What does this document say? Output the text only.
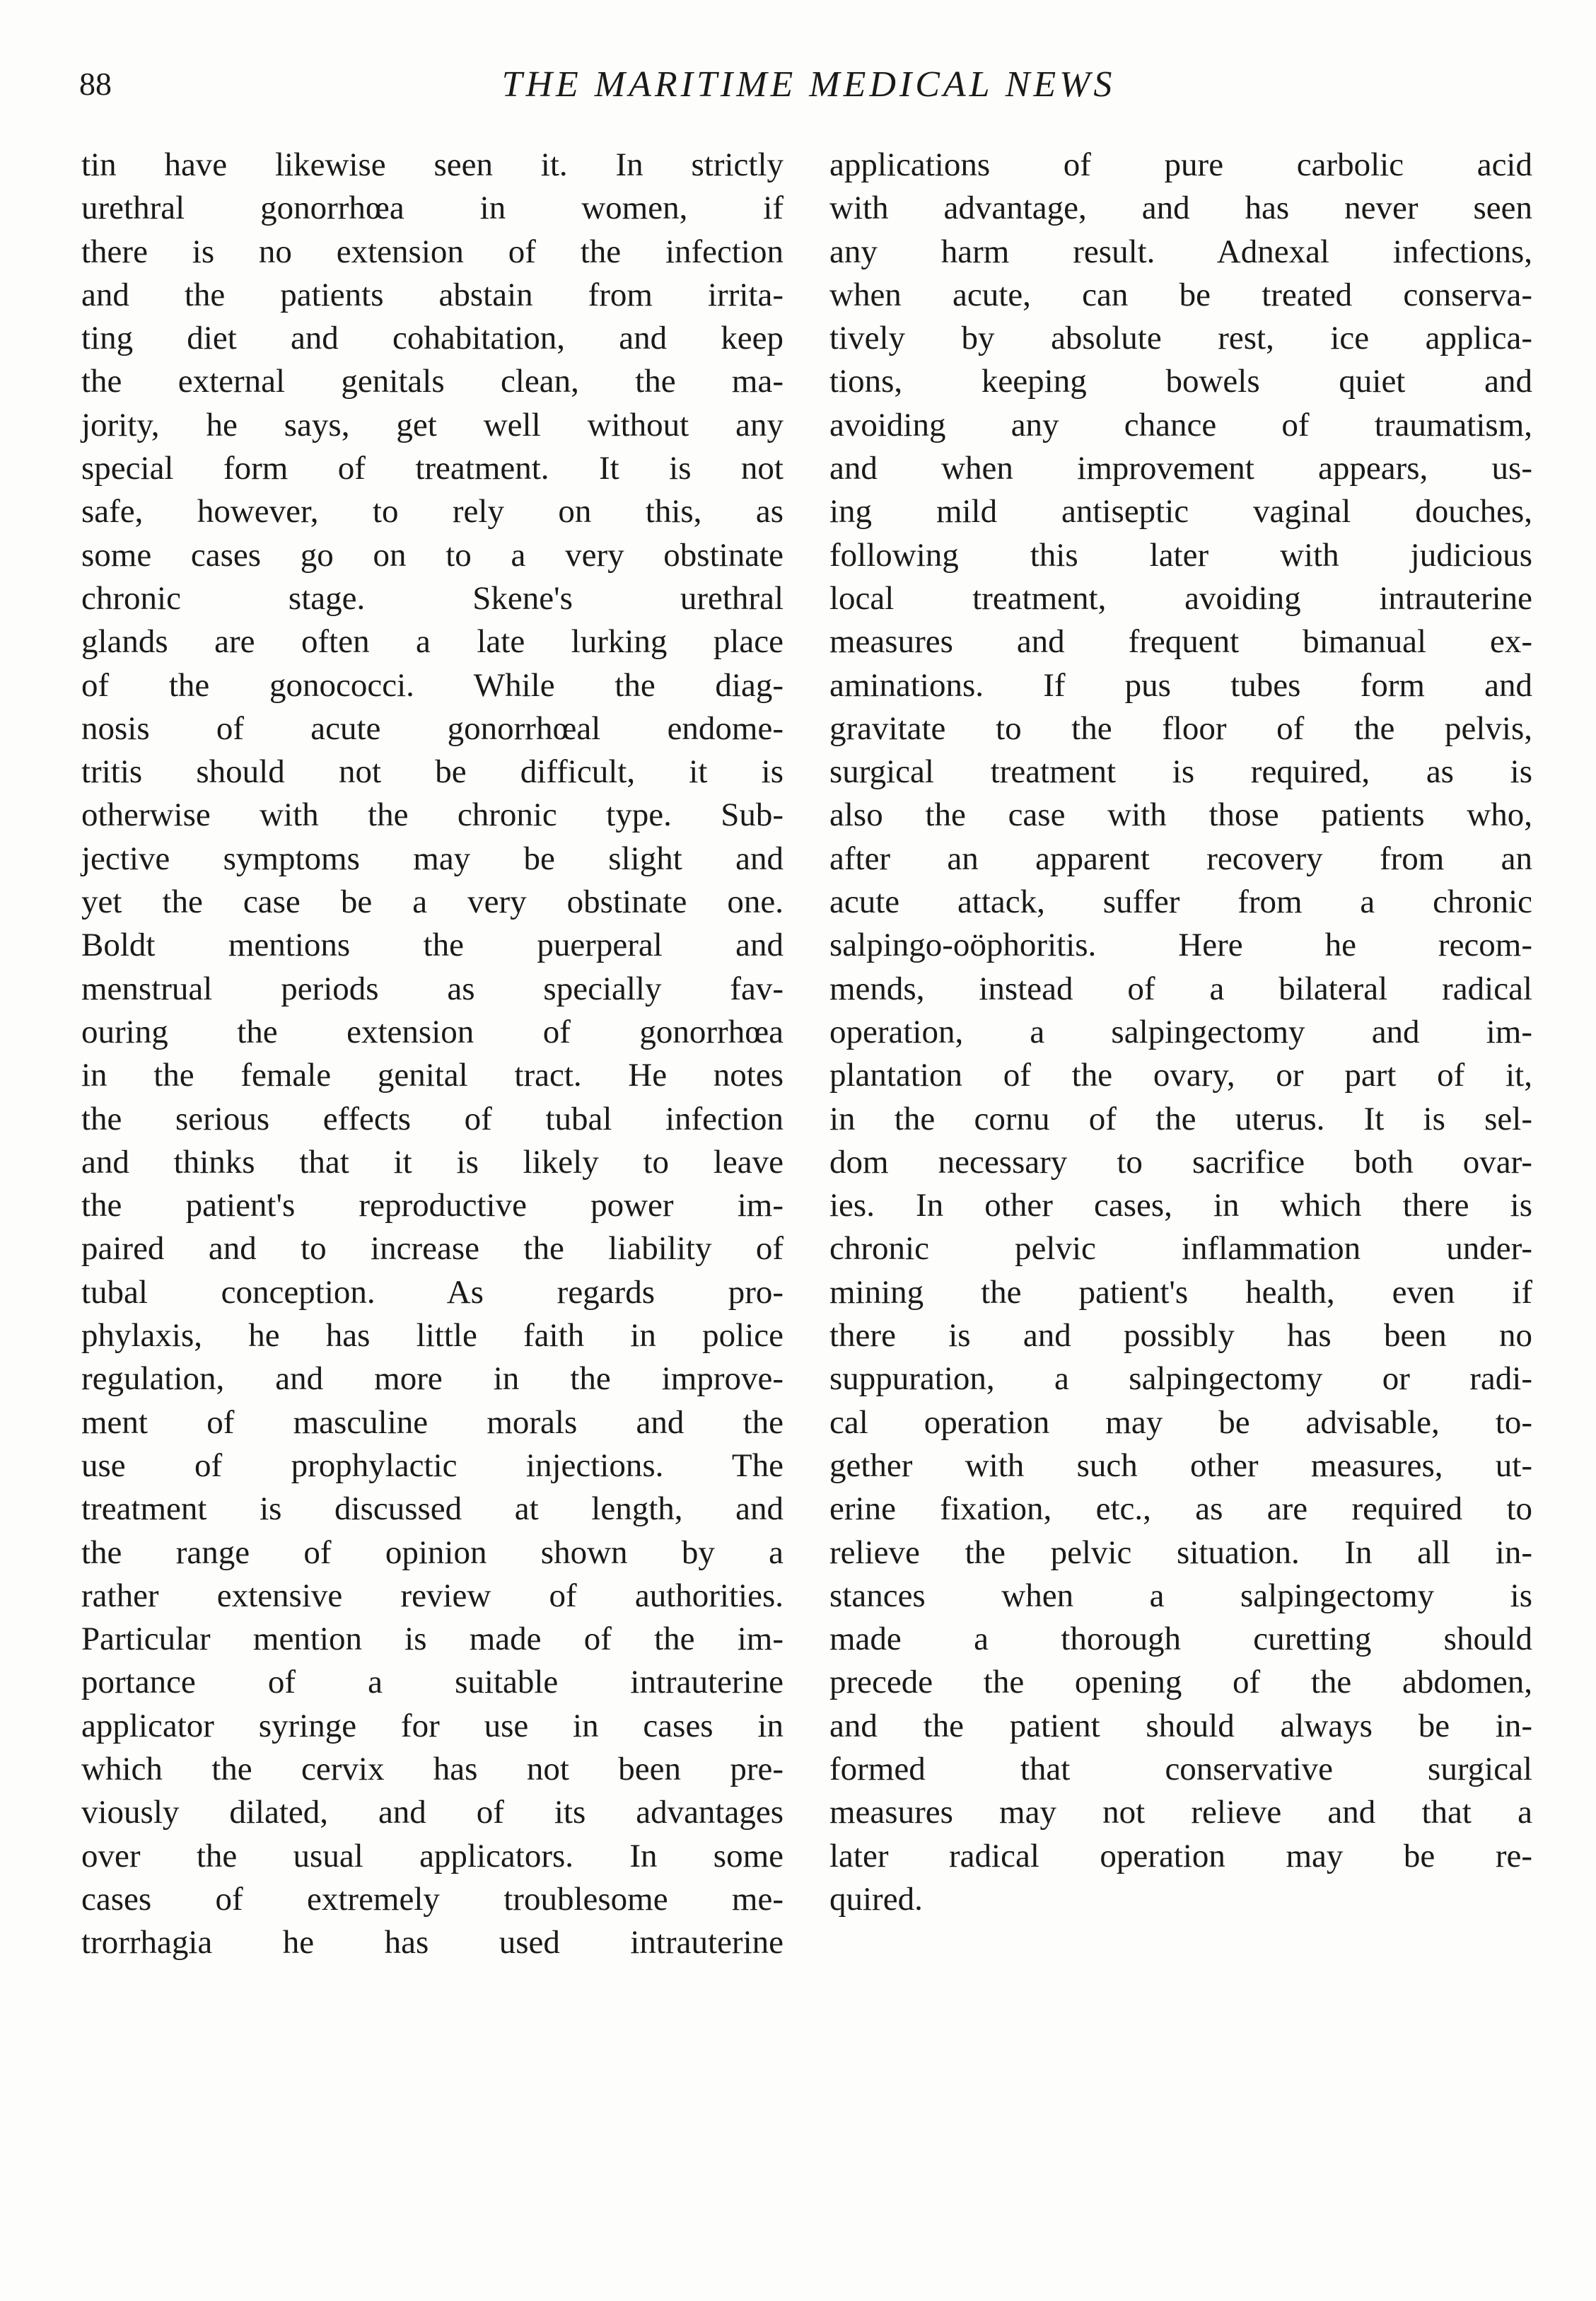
88	THE MARITIME MEDICAL NEWS
tin have likewise seen it. In strictly
urethral gonorrhœa in women, if
there is no extension of the infection
and the patients abstain from irrita-
ting diet and cohabitation, and keep
the external genitals clean, the ma-
jority, he says, get well without any
special form of treatment. It is not
safe, however, to rely on this, as
some cases go on to a very obstinate
chronic stage. Skene's urethral
glands are often a late lurking place
of the gonococci. While the diag-
nosis of acute gonorrhœal endome-
tritis should not be difficult, it is
otherwise with the chronic type. Sub-
jective symptoms may be slight and
yet the case be a very obstinate one.
Boldt mentions the puerperal and
menstrual periods as specially fav-
ouring the extension of gonorrhœa
in the female genital tract. He notes
the serious effects of tubal infection
and thinks that it is likely to leave
the patient's reproductive power im-
paired and to increase the liability of
tubal conception. As regards pro-
phylaxis, he has little faith in police
regulation, and more in the improve-
ment of masculine morals and the
use of prophylactic injections. The
treatment is discussed at length, and
the range of opinion shown by a
rather extensive review of authorities.
Particular mention is made of the im-
portance of a suitable intrauterine
applicator syringe for use in cases in
which the cervix has not been pre-
viously dilated, and of its advantages
over the usual applicators. In some
cases of extremely troublesome me-
trorrhagia he has used intrauterine
applications of pure carbolic acid
with advantage, and has never seen
any harm result. Adnexal infections,
when acute, can be treated conserva-
tively by absolute rest, ice applica-
tions, keeping bowels quiet and
avoiding any chance of traumatism,
and when improvement appears, us-
ing mild antiseptic vaginal douches,
following this later with judicious
local treatment, avoiding intrauterine
measures and frequent bimanual ex-
aminations. If pus tubes form and
gravitate to the floor of the pelvis,
surgical treatment is required, as is
also the case with those patients who,
after an apparent recovery from an
acute attack, suffer from a chronic
salpingo-oöphoritis. Here he recom-
mends, instead of a bilateral radical
operation, a salpingectomy and im-
plantation of the ovary, or part of it,
in the cornu of the uterus. It is sel-
dom necessary to sacrifice both ovar-
ies. In other cases, in which there is
chronic pelvic inflammation under-
mining the patient's health, even if
there is and possibly has been no
suppuration, a salpingectomy or radi-
cal operation may be advisable, to-
gether with such other measures, ut-
erine fixation, etc., as are required to
relieve the pelvic situation. In all in-
stances when a salpingectomy is
made a thorough curetting should
precede the opening of the abdomen,
and the patient should always be in-
formed that conservative surgical
measures may not relieve and that a
later radical operation may be re-
quired.
